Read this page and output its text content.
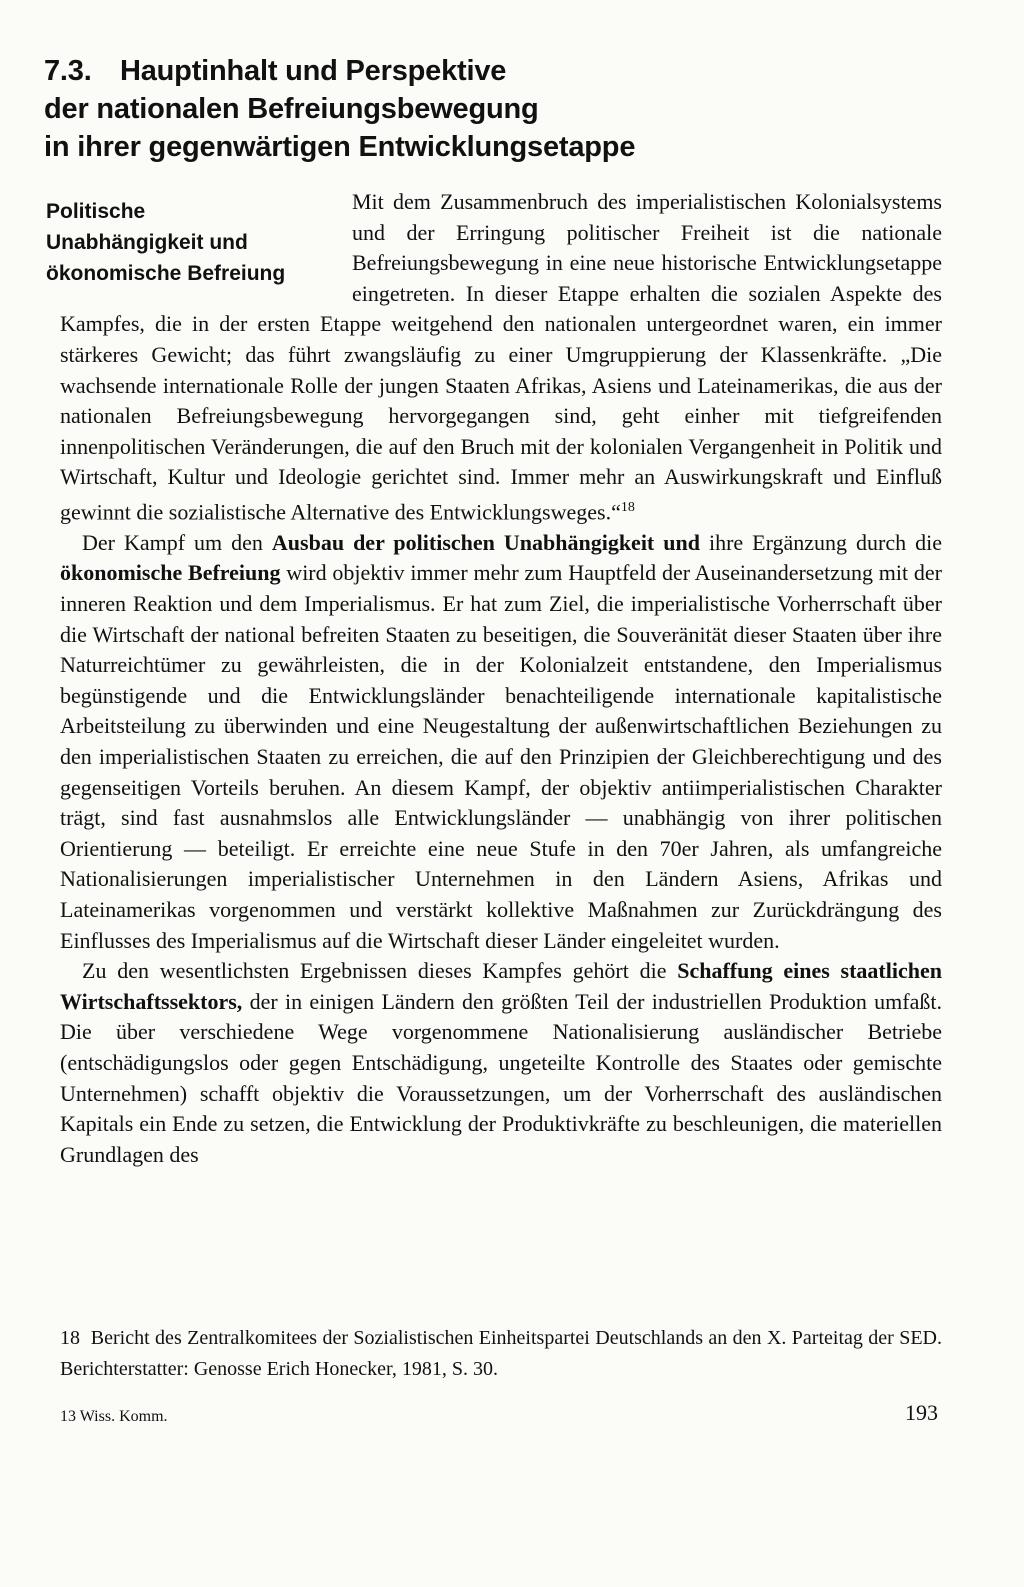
7.3. Hauptinhalt und Perspektive
der nationalen Befreiungsbewegung
in ihrer gegenwärtigen Entwicklungsetappe
Politische
Unabhängigkeit und
ökonomische Befreiung

Mit dem Zusammenbruch des imperialistischen Kolonialsystems und der Erringung politischer Freiheit ist die nationale Befreiungsbewegung in eine neue historische Entwicklungsetappe eingetreten. In dieser Etappe erhalten die sozialen Aspekte des Kampfes, die in der ersten Etappe weitgehend den nationalen untergeordnet waren, ein immer stärkeres Gewicht; das führt zwangsläufig zu einer Umgruppierung der Klassenkräfte. „Die wachsende internationale Rolle der jungen Staaten Afrikas, Asiens und Lateinamerikas, die aus der nationalen Befreiungsbewegung hervorgegangen sind, geht einher mit tiefgreifenden innenpolitischen Veränderungen, die auf den Bruch mit der kolonialen Vergangenheit in Politik und Wirtschaft, Kultur und Ideologie gerichtet sind. Immer mehr an Auswirkungskraft und Einfluß gewinnt die sozialistische Alternative des Entwicklungsweges.“$^{18}$

Der Kampf um den Ausbau der politischen Unabhängigkeit und ihre Ergänzung durch die ökonomische Befreiung wird objektiv immer mehr zum Hauptfeld der Auseinandersetzung mit der inneren Reaktion und dem Imperialismus. Er hat zum Ziel, die imperialistische Vorherrschaft über die Wirtschaft der national befreiten Staaten zu beseitigen, die Souveränität dieser Staaten über ihre Naturreichtümer zu gewährleisten, die in der Kolonialzeit entstandene, den Imperialismus begünstigende und die Entwicklungsländer benachteiligende internationale kapitalistische Arbeitsteilung zu überwinden und eine Neugestaltung der außenwirtschaftlichen Beziehungen zu den imperialistischen Staaten zu erreichen, die auf den Prinzipien der Gleichberechtigung und des gegenseitigen Vorteils beruhen. An diesem Kampf, der objektiv antiimperialistischen Charakter trägt, sind fast ausnahmslos alle Entwicklungsländer — unabhängig von ihrer politischen Orientierung — beteiligt. Er erreichte eine neue Stufe in den 70er Jahren, als umfangreiche Nationalisierungen imperialistischer Unternehmen in den Ländern Asiens, Afrikas und Lateinamerikas vorgenommen und verstärkt kollektive Maßnahmen zur Zurückdrängung des Einflusses des Imperialismus auf die Wirtschaft dieser Länder eingeleitet wurden.

Zu den wesentlichsten Ergebnissen dieses Kampfes gehört die Schaffung eines staatlichen Wirtschaftssektors, der in einigen Ländern den größten Teil der industriellen Produktion umfaßt. Die über verschiedene Wege vorgenommene Nationalisierung ausländischer Betriebe (entschädigungslos oder gegen Entschädigung, ungeteilte Kontrolle des Staates oder gemischte Unternehmen) schafft objektiv die Voraussetzungen, um der Vorherrschaft des ausländischen Kapitals ein Ende zu setzen, die Entwicklung der Produktivkräfte zu beschleunigen, die materiellen Grundlagen des

18 Bericht des Zentralkomitees der Sozialistischen Einheitspartei Deutschlands an den X. Parteitag der SED. Berichterstatter: Genosse Erich Honecker, 1981, S. 30.
13 Wiss. Komm.	193
